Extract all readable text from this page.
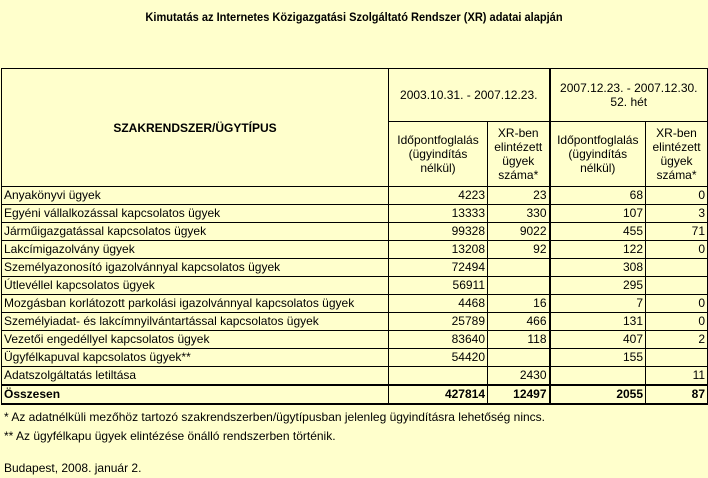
Kimutatás az Internetes Közigazgatási Szolgáltató Rendszer (XR) adatai alapján
SZAKRENDSZER/ÜGYTÍPUS	2003.10.31. - 2007.12.23.		2007.12.23. - 2007.12.30.
52. hét	
	Időpontfoglalás (ügyindítás nélkül)	XR-ben elintézett ügyek száma*	Időpontfoglalás (ügyindítás nélkül)	XR-ben elintézett ügyek száma*
Anyakönyvi ügyek	4223	23	68	0
Egyéni vállalkozással kapcsolatos ügyek	13333	330	107	3
Járműigazgatással kapcsolatos ügyek	99328	9022	455	71
Lakcímigazolvány ügyek	13208	92	122	0
Személyazonosító igazolvánnyal kapcsolatos ügyek	72494		308	
Útlevéllel kapcsolatos ügyek	56911		295	
Mozgásban korlátozott parkolási igazolvánnyal kapcsolatos ügyek	4468	16	7	0
Személyiadat- és lakcímnyilvántartással kapcsolatos ügyek	25789	466	131	0
Vezetői engedéllyel kapcsolatos ügyek	83640	118	407	2
Ügyfélkapuval kapcsolatos ügyek**	54420		155	
Adatszolgáltatás letiltása		2430		11
Összesen	427814	12497	2055	87
* Az adatnélküli mezőhöz tartozó szakrendszerben/ügytípusban jelenleg ügyindításra lehetőség nincs.
** Az ügyfélkapu ügyek elintézése önálló rendszerben történik.
Budapest, 2008. január 2.
